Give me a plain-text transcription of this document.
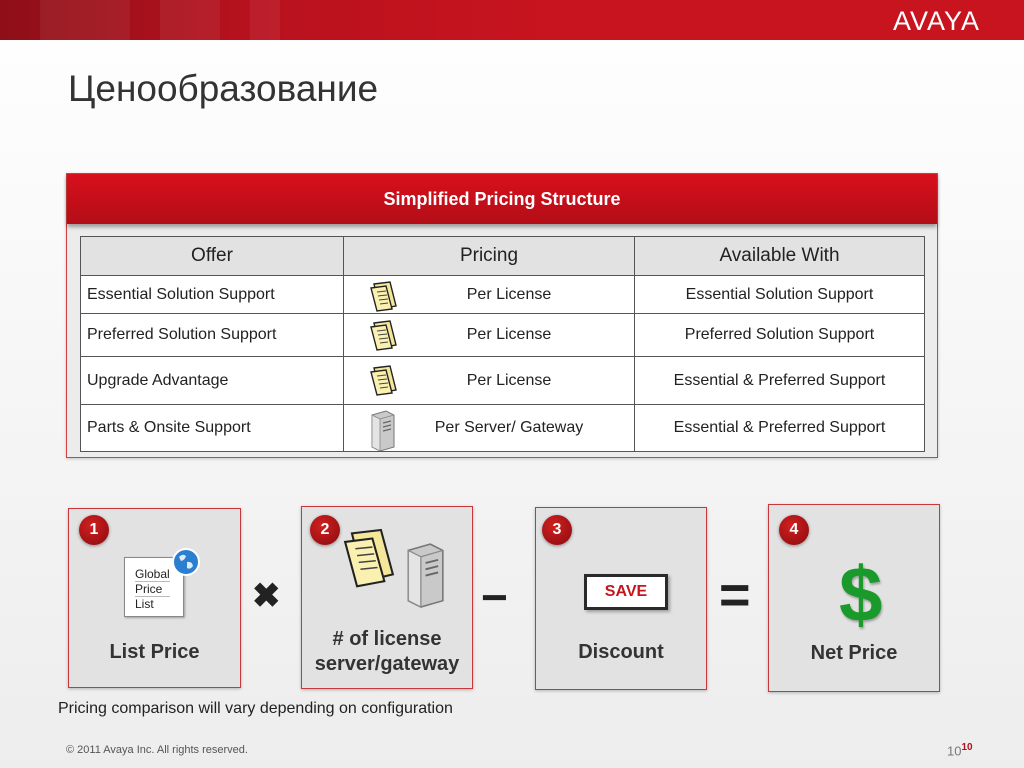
AVAYA
Ценообразование
Simplified Pricing Structure
Offer	Pricing	Available With
Essential Solution Support	Per License	Essential Solution Support
Preferred Solution Support	Per License	Preferred Solution Support
Upgrade Advantage	Per License	Essential & Preferred Support
Parts & Onsite Support	Per Server/ Gateway	Essential & Preferred Support
1
Global
Price
List
List Price
✖
2
# of license server/gateway
−
3
SAVE
Discount
=
4
$
Net Price
Pricing comparison will vary depending on configuration
© 2011 Avaya Inc. All rights reserved.	$10^{10}$
